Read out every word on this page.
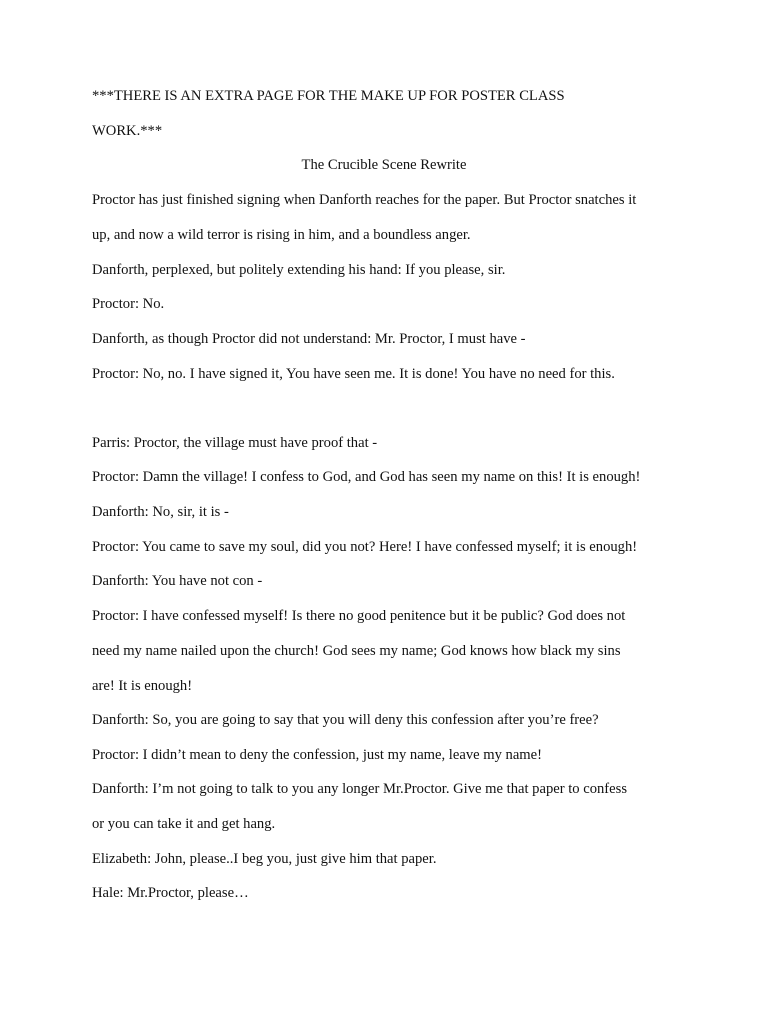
***THERE IS AN EXTRA PAGE FOR THE MAKE UP FOR POSTER CLASS
WORK.***
The Crucible Scene Rewrite
Proctor has just finished signing when Danforth reaches for the paper. But Proctor snatches it
up, and now a wild terror is rising in him, and a boundless anger.
Danforth, perplexed, but politely extending his hand: If you please, sir.
Proctor: No.
Danforth, as though Proctor did not understand: Mr. Proctor, I must have -
Proctor: No, no. I have signed it, You have seen me. It is done! You have no need for this.
Parris: Proctor, the village must have proof that -
Proctor: Damn the village! I confess to God, and God has seen my name on this! It is enough!
Danforth: No, sir, it is -
Proctor: You came to save my soul, did you not? Here! I have confessed myself; it is enough!
Danforth: You have not con -
Proctor: I have confessed myself! Is there no good penitence but it be public? God does not
need my name nailed upon the church! God sees my name; God knows how black my sins
are! It is enough!
Danforth: So, you are going to say that you will deny this confession after you’re free?
Proctor: I didn’t mean to deny the confession, just my name, leave my name!
Danforth: I’m not going to talk to you any longer Mr.Proctor. Give me that paper to confess
or you can take it and get hang.
Elizabeth: John, please..I beg you, just give him that paper.
Hale: Mr.Proctor, please…
